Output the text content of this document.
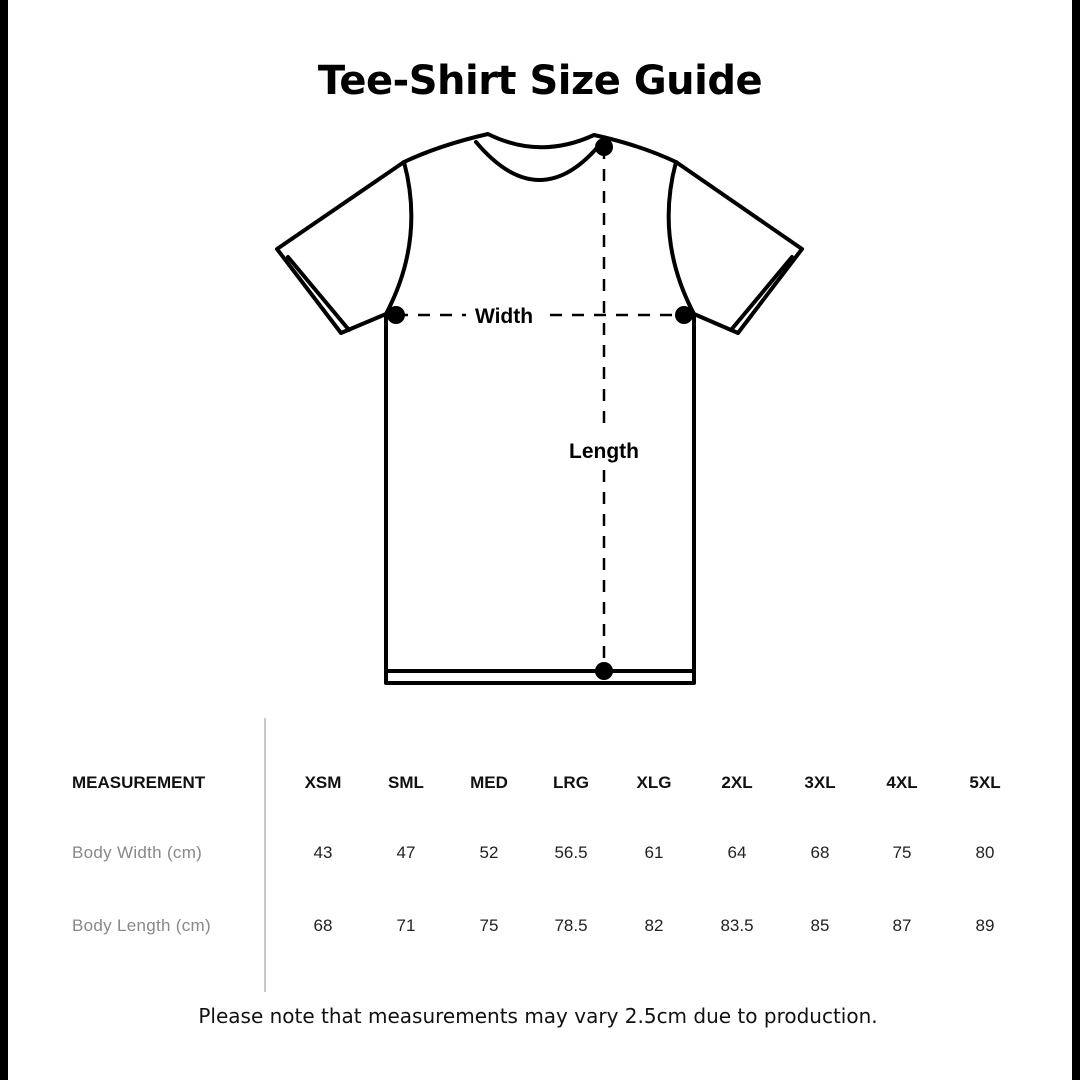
Tee-Shirt Size Guide
Width
Length
MEASUREMENT	XSM	SML	MED	LRG	XLG	2XL	3XL	4XL	5XL
Body Width (cm)	43	47	52	56.5	61	64	68	75	80
Body Length (cm)	68	71	75	78.5	82	83.5	85	87	89
Please note that measurements may vary 2.5cm due to production.
